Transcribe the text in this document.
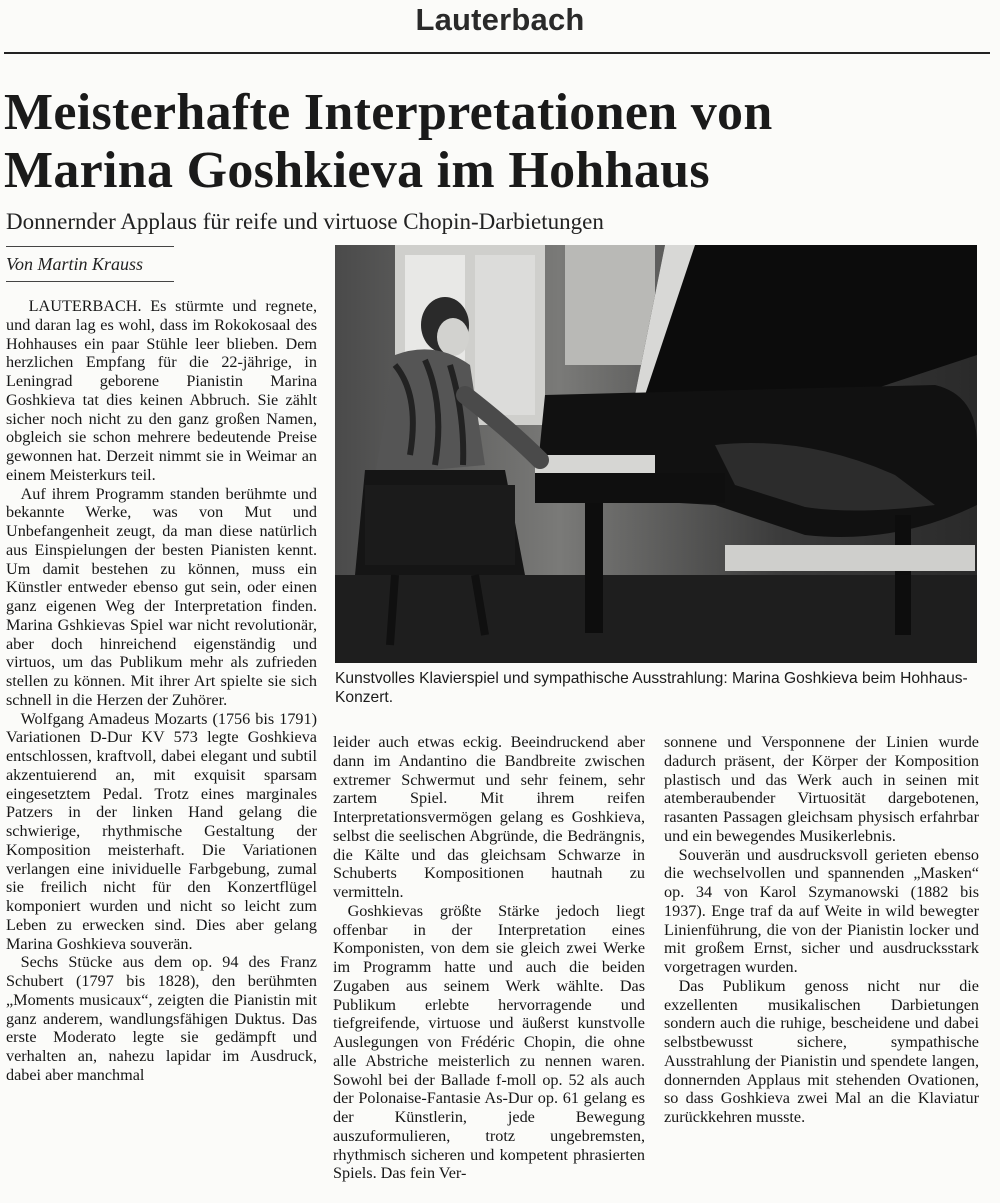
Lauterbach
Meisterhafte Interpretationen von
Marina Goshkieva im Hohhaus
Donnernder Applaus für reife und virtuose Chopin-Darbietungen
Von Martin Krauss

LAUTERBACH. Es stürmte und regnete, und daran lag es wohl, dass im Rokokosaal des Hohhauses ein paar Stühle leer blieben. Dem herzlichen Empfang für die 22-jährige, in Leningrad geborene Pianistin Marina Goshkieva tat dies keinen Abbruch. Sie zählt sicher noch nicht zu den ganz großen Namen, obgleich sie schon mehrere bedeutende Preise gewonnen hat. Derzeit nimmt sie in Weimar an einem Meisterkurs teil.

Auf ihrem Programm standen berühmte und bekannte Werke, was von Mut und Unbefangenheit zeugt, da man diese natürlich aus Einspielungen der besten Pianisten kennt. Um damit bestehen zu können, muss ein Künstler entweder ebenso gut sein, oder einen ganz eigenen Weg der Interpretation finden. Marina Gshkievas Spiel war nicht revolutionär, aber doch hinreichend eigenständig und virtuos, um das Publikum mehr als zufrieden stellen zu können. Mit ihrer Art spielte sie sich schnell in die Herzen der Zuhörer.

Wolfgang Amadeus Mozarts (1756 bis 1791) Variationen D-Dur KV 573 legte Goshkieva entschlossen, kraftvoll, dabei elegant und subtil akzentuierend an, mit exquisit sparsam eingesetztem Pedal. Trotz eines marginales Patzers in der linken Hand gelang die schwierige, rhythmische Gestaltung der Komposition meisterhaft. Die Variationen verlangen eine inividuelle Farbgebung, zumal sie freilich nicht für den Konzertflügel komponiert wurden und nicht so leicht zum Leben zu erwecken sind. Dies aber gelang Marina Goshkieva souverän.

Sechs Stücke aus dem op. 94 des Franz Schubert (1797 bis 1828), den berühmten „Moments musicaux“, zeigten die Pianistin mit ganz anderem, wandlungsfähigen Duktus. Das erste Moderato legte sie gedämpft und verhalten an, nahezu lapidar im Ausdruck, dabei aber manchmal

Kunstvolles Klavierspiel und sympathische Ausstrahlung: Marina Goshkieva beim Hohhaus-Konzert.

leider auch etwas eckig. Beeindruckend aber dann im Andantino die Bandbreite zwischen extremer Schwermut und sehr feinem, sehr zartem Spiel. Mit ihrem reifen Interpretationsvermögen gelang es Goshkieva, selbst die seelischen Abgründe, die Bedrängnis, die Kälte und das gleichsam Schwarze in Schuberts Kompositionen hautnah zu vermitteln.

Goshkievas größte Stärke jedoch liegt offenbar in der Interpretation eines Komponisten, von dem sie gleich zwei Werke im Programm hatte und auch die beiden Zugaben aus seinem Werk wählte. Das Publikum erlebte hervorragende und tiefgreifende, virtuose und äußerst kunstvolle Auslegungen von Frédéric Chopin, die ohne alle Abstriche meisterlich zu nennen waren. Sowohl bei der Ballade f-moll op. 52 als auch der Polonaise-Fantasie As-Dur op. 61 gelang es der Künstlerin, jede Bewegung auszuformulieren, trotz ungebremsten, rhythmisch sicheren und kompetent phrasierten Spiels. Das fein Ver-

sonnene und Versponnene der Linien wurde dadurch präsent, der Körper der Komposition plastisch und das Werk auch in seinen mit atemberaubender Virtuosität dargebotenen, rasanten Passagen gleichsam physisch erfahrbar und ein bewegendes Musikerlebnis.

Souverän und ausdrucksvoll gerieten ebenso die wechselvollen und spannenden „Masken“ op. 34 von Karol Szymanowski (1882 bis 1937). Enge traf da auf Weite in wild bewegter Linienführung, die von der Pianistin locker und mit großem Ernst, sicher und ausdrucksstark vorgetragen wurden.

Das Publikum genoss nicht nur die exzellenten musikalischen Darbietungen sondern auch die ruhige, bescheidene und dabei selbstbewusst sichere, sympathische Ausstrahlung der Pianistin und spendete langen, donnernden Applaus mit stehenden Ovationen, so dass Goshkieva zwei Mal an die Klaviatur zurückkehren musste.
